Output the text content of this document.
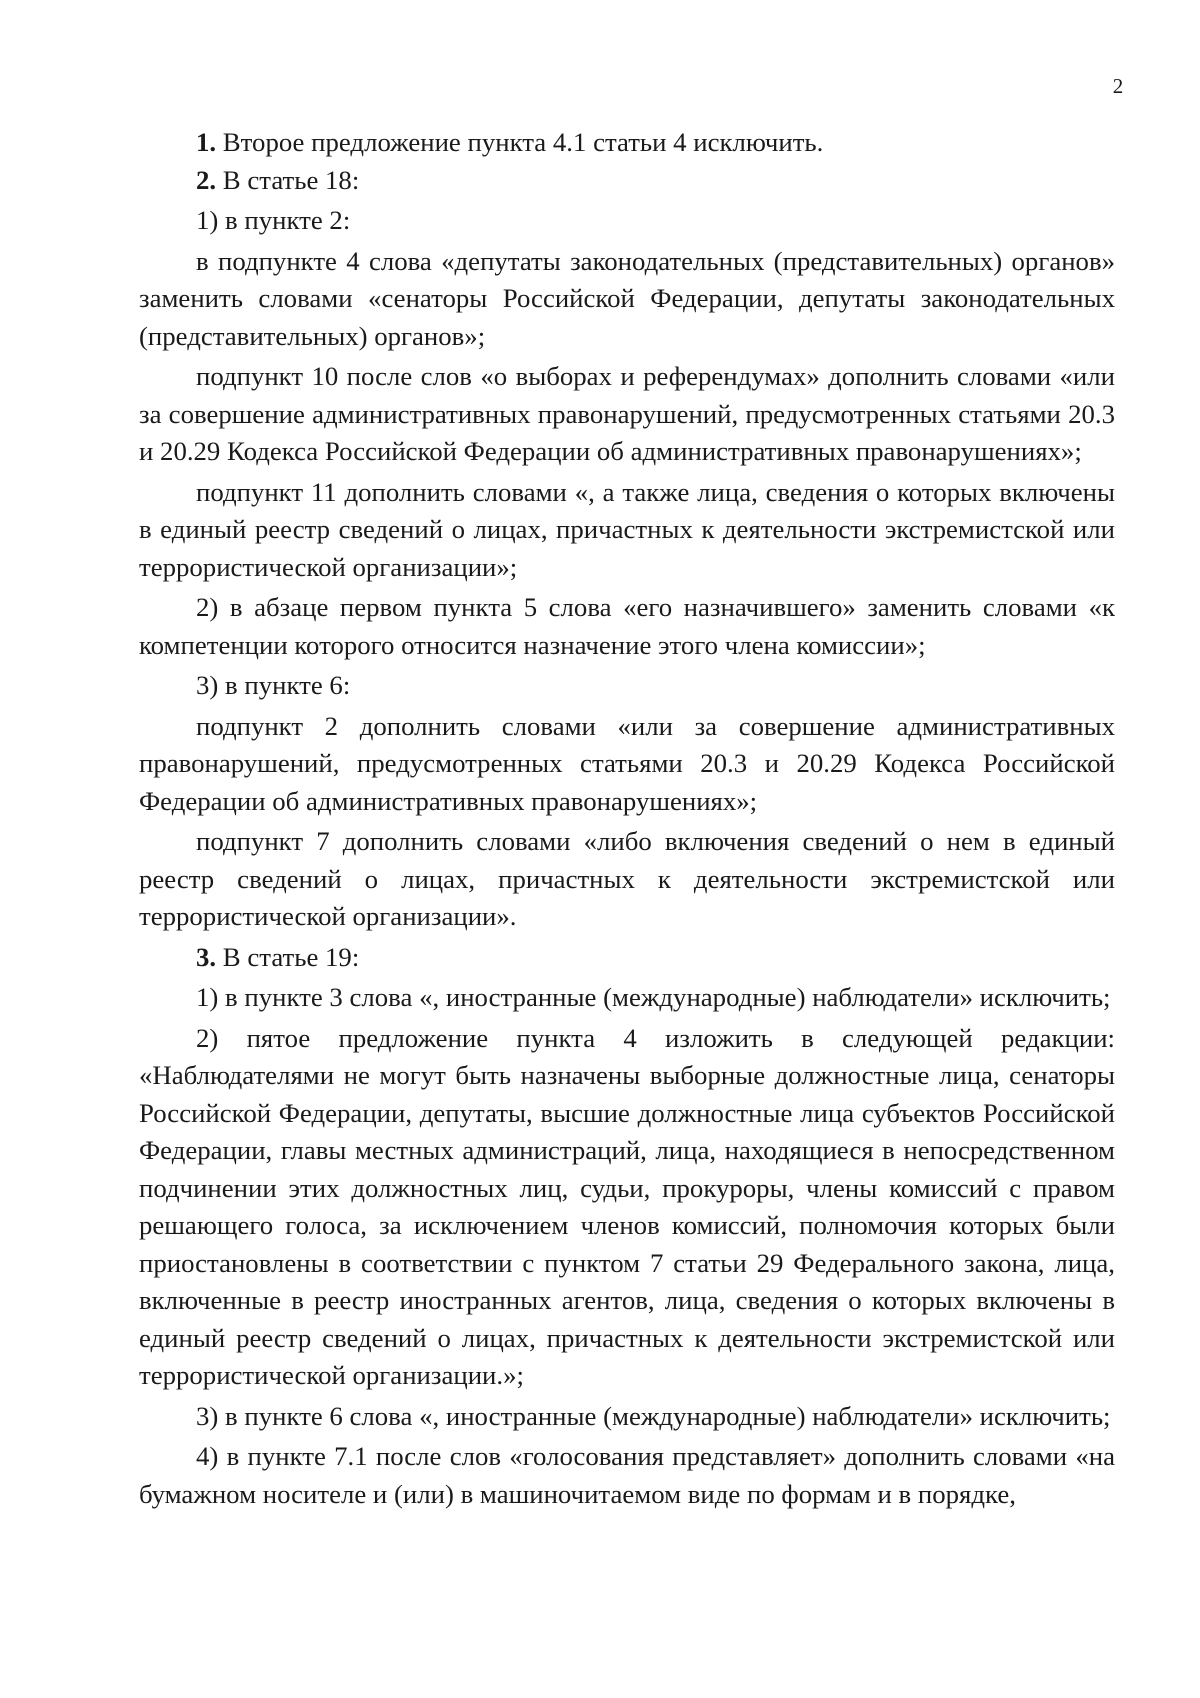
2

1. Второе предложение пункта 4.1 статьи 4 исключить.

2. В статье 18:

1) в пункте 2:

в подпункте 4 слова «депутаты законодательных (представительных) органов» заменить словами «сенаторы Российской Федерации, депутаты законодательных (представительных) органов»;

подпункт 10 после слов «о выборах и референдумах» дополнить словами «или за совершение административных правонарушений, предусмотренных статьями 20.3 и 20.29 Кодекса Российской Федерации об административных правонарушениях»;

подпункт 11 дополнить словами «, а также лица, сведения о которых включены в единый реестр сведений о лицах, причастных к деятельности экстремистской или террористической организации»;

2) в абзаце первом пункта 5 слова «его назначившего» заменить словами «к компетенции которого относится назначение этого члена комиссии»;

3) в пункте 6:

подпункт 2 дополнить словами «или за совершение административных правонарушений, предусмотренных статьями 20.3 и 20.29 Кодекса Российской Федерации об административных правонарушениях»;

подпункт 7 дополнить словами «либо включения сведений о нем в единый реестр сведений о лицах, причастных к деятельности экстремистской или террористической организации».

3. В статье 19:

1) в пункте 3 слова «, иностранные (международные) наблюдатели» исключить;

2) пятое предложение пункта 4 изложить в следующей редакции: «Наблюдателями не могут быть назначены выборные должностные лица, сенаторы Российской Федерации, депутаты, высшие должностные лица субъектов Российской Федерации, главы местных администраций, лица, находящиеся в непосредственном подчинении этих должностных лиц, судьи, прокуроры, члены комиссий с правом решающего голоса, за исключением членов комиссий, полномочия которых были приостановлены в соответствии с пунктом 7 статьи 29 Федерального закона, лица, включенные в реестр иностранных агентов, лица, сведения о которых включены в единый реестр сведений о лицах, причастных к деятельности экстремистской или террористической организации.»;

3) в пункте 6 слова «, иностранные (международные) наблюдатели» исключить;

4) в пункте 7.1 после слов «голосования представляет» дополнить словами «на бумажном носителе и (или) в машиночитаемом виде по формам и в порядке,
